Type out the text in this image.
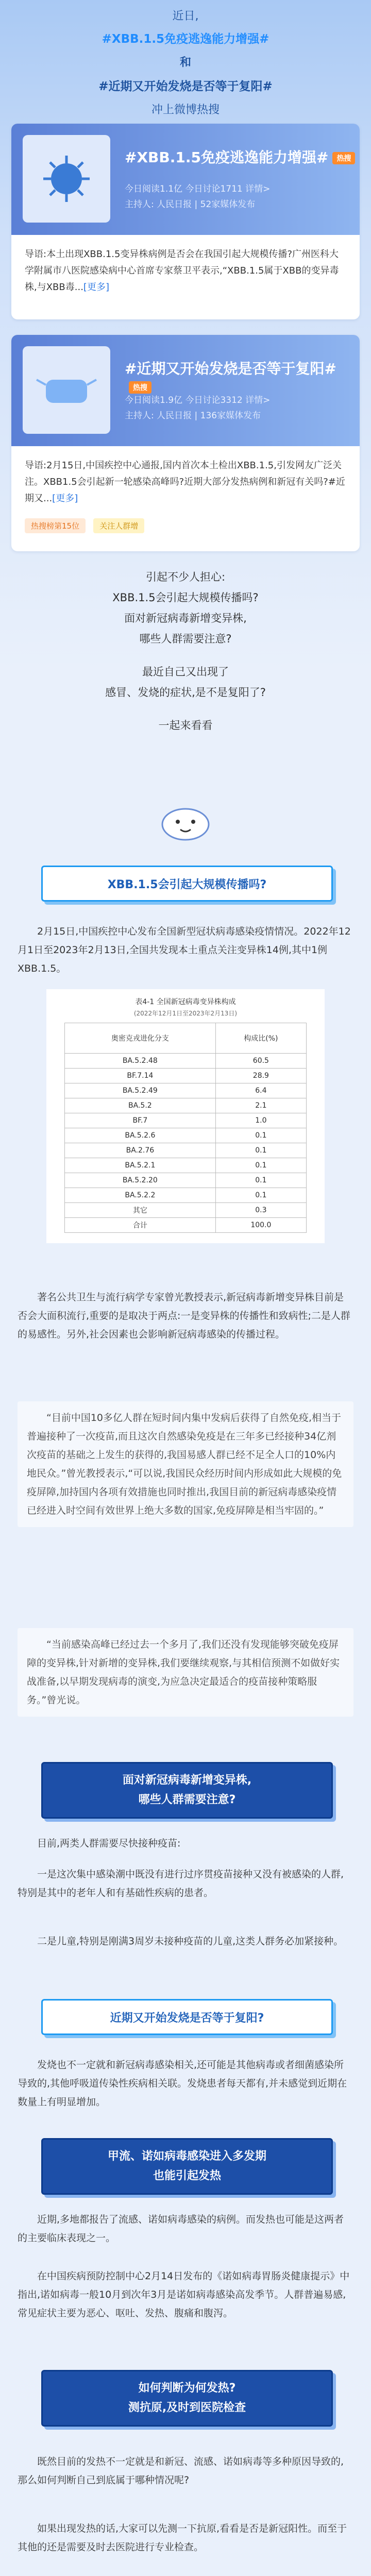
近日,
#XBB.1.5免疫逃逸能力增强#
和
#近期又开始发烧是否等于复阳#
冲上微博热搜
#XBB.1.5免疫逃逸能力增强# 热搜
今日阅读1.1亿 今日讨论1711 详情>
主持人: 人民日报 | 52家媒体发布
导语:本土出现XBB.1.5变异株病例是否会在我国引起大规模传播?广州医科大学附属市八医院感染病中心首席专家蔡卫平表示,“XBB.1.5属于XBB的变异毒株,与XBB毒...[更多]
#近期又开始发烧是否等于复阳#热搜
今日阅读1.9亿 今日讨论3312 详情>
主持人: 人民日报 | 136家媒体发布
导语:2月15日,中国疾控中心通报,国内首次本土检出XBB.1.5,引发网友广泛关注。XBB1.5会引起新一轮感染高峰吗?近期大部分发热病例和新冠有关吗?#近期又...[更多]
热搜榜第15位	关注人群增
引起不少人担心:
XBB.1.5会引起大规模传播吗?
面对新冠病毒新增变异株,
哪些人群需要注意?
最近自己又出现了
感冒、发烧的症状,是不是复阳了?
一起来看看
XBB.1.5会引起大规模传播吗?
2月15日,中国疾控中心发布全国新型冠状病毒感染疫情情况。2022年12月1日至2023年2月13日,全国共发现本土重点关注变异株14例,其中1例XBB.1.5。
表4-1 全国新冠病毒变异株构成
(2022年12月1日至2023年2月13日)
奥密克戎进化分支	构成比(%)
BA.5.2.48	60.5
BF.7.14	28.9
BA.5.2.49	6.4
BA.5.2	2.1
BF.7	1.0
BA.5.2.6	0.1
BA.2.76	0.1
BA.5.2.1	0.1
BA.5.2.20	0.1
BA.5.2.2	0.1
其它	0.3
合计	100.0
著名公共卫生与流行病学专家曾光教授表示,新冠病毒新增变异株目前是否会大面积流行,重要的是取决于两点:一是变异株的传播性和致病性;二是人群的易感性。另外,社会因素也会影响新冠病毒感染的传播过程。
“目前中国10多亿人群在短时间内集中发病后获得了自然免疫,相当于普遍接种了一次疫苗,而且这次自然感染免疫是在三年多已经接种34亿剂次疫苗的基础之上发生的获得的,我国易感人群已经不足全人口的10%内地民众。”曾光教授表示,“可以说,我国民众经历时间内形成如此大规模的免疫屏障,加持国内各项有效措施也同时推出,我国目前的新冠病毒感染疫情已经进入时空间有效世界上绝大多数的国家,免疫屏障是相当牢固的。”
“当前感染高峰已经过去一个多月了,我们还没有发现能够突破免疫屏障的变异株,针对新增的变异株,我们要继续观察,与其相信预测不如做好实战准备,以早期发现病毒的演变,为应急决定最适合的疫苗接种策略服务。”曾光说。
面对新冠病毒新增变异株,
哪些人群需要注意?
目前,两类人群需要尽快接种疫苗:
一是这次集中感染潮中既没有进行过序贯疫苗接种又没有被感染的人群,特别是其中的老年人和有基础性疾病的患者。
二是儿童,特别是刚满3周岁未接种疫苗的儿童,这类人群务必加紧接种。
近期又开始发烧是否等于复阳?
发烧也不一定就和新冠病毒感染相关,还可能是其他病毒或者细菌感染所导致的,其他呼吸道传染性疾病相关联。发烧患者每天都有,并未感觉到近期在数量上有明显增加。
甲流、诺如病毒感染进入多发期
也能引起发热
近期,多地都报告了流感、诺如病毒感染的病例。而发热也可能是这两者的主要临床表现之一。
在中国疾病预防控制中心2月14日发布的《诺如病毒胃肠炎健康提示》中指出,诺如病毒一般10月到次年3月是诺如病毒感染高发季节。人群普遍易感,常见症状主要为恶心、呕吐、发热、腹痛和腹泻。
如何判断为何发热?
测抗原,及时到医院检查
既然目前的发热不一定就是和新冠、流感、诺如病毒等多种原因导致的,那么如何判断自己到底属于哪种情况呢?
如果出现发热的话,大家可以先测一下抗原,看看是否是新冠阳性。而至于其他的还是需要及时去医院进行专业检查。
